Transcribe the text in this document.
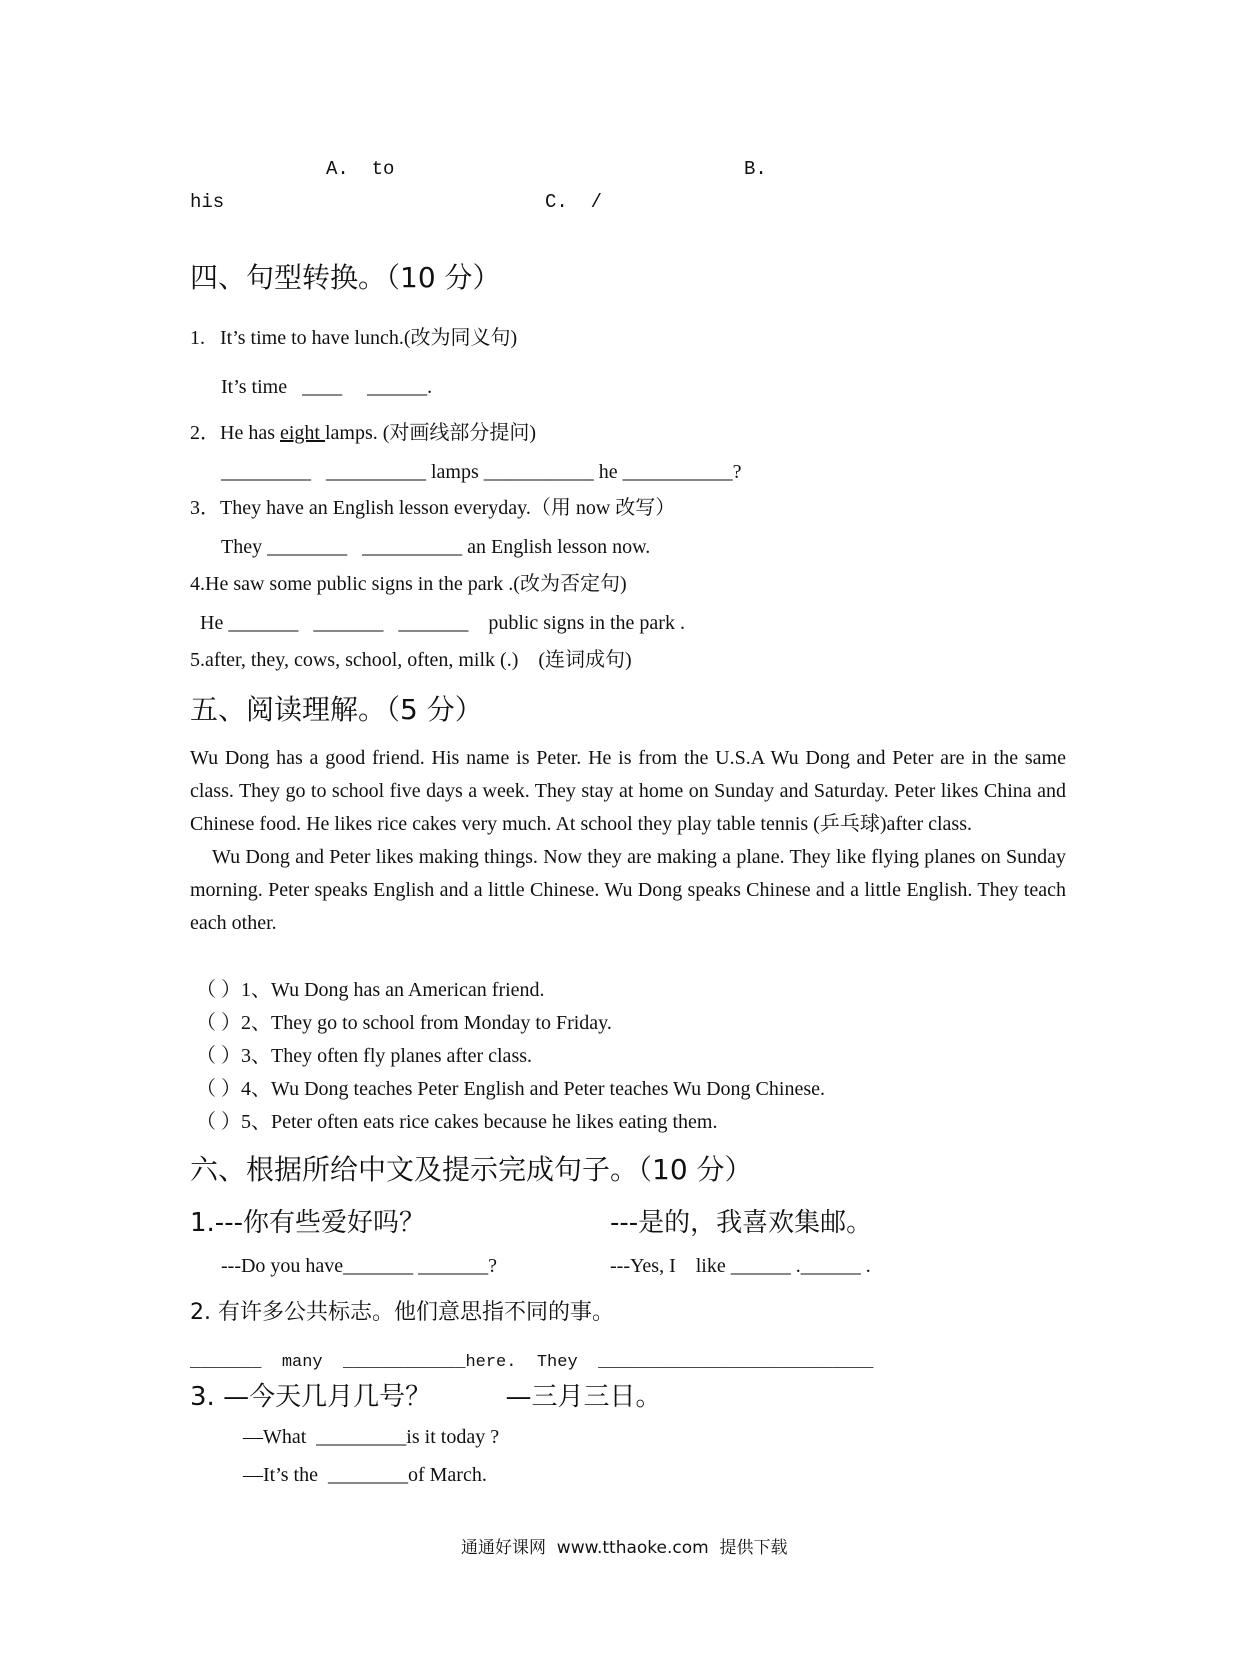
A.  to	B.
his	C.  /
四、句型转换。（10 分）
1.   It’s time to have lunch.(改为同义句)
It’s time   ____     ______.
2．He has eight lamps. (对画线部分提问)
_________   __________ lamps ___________ he ___________?
3．They have an English lesson everyday.（用 now 改写）
They ________   __________ an English lesson now.
4.He saw some public signs in the park .(改为否定句)
He _______   _______   _______    public signs in the park .
5.after, they, cows, school, often, milk (.)    (连词成句)
五、阅读理解。（5 分）

Wu Dong has a good friend. His name is Peter. He is from the U.S.A Wu Dong and Peter are in the same class. They go to school five days a week. They stay at home on Sunday and Saturday. Peter likes China and Chinese food. He likes rice cakes very much. At school they play table tennis (乒乓球)after class.

Wu Dong and Peter likes making things. Now they are making a plane. They like flying planes on Sunday morning. Peter speaks English and a little Chinese. Wu Dong speaks Chinese and a little English. They teach each other.

（ ）1、Wu Dong has an American friend.
（ ）2、They go to school from Monday to Friday.
（ ）3、They often fly planes after class.
（ ）4、Wu Dong teaches Peter English and Peter teaches Wu Dong Chinese.
（ ）5、Peter often eats rice cakes because he likes eating them.
六、根据所给中文及提示完成句子。（10 分）
1.---你有些爱好吗？	---是的，我喜欢集邮。
---Do you have_______ _______?	---Yes, I    like ______ .______ .
2. 有许多公共标志。他们意思指不同的事。
_______  many  ____________here.  They  ___________________________
3. —今天几月几号？         —三月三日。
—What  _________is it today ?
—It’s the  ________of March.
通通好课网  www.tthaoke.com  提供下载
